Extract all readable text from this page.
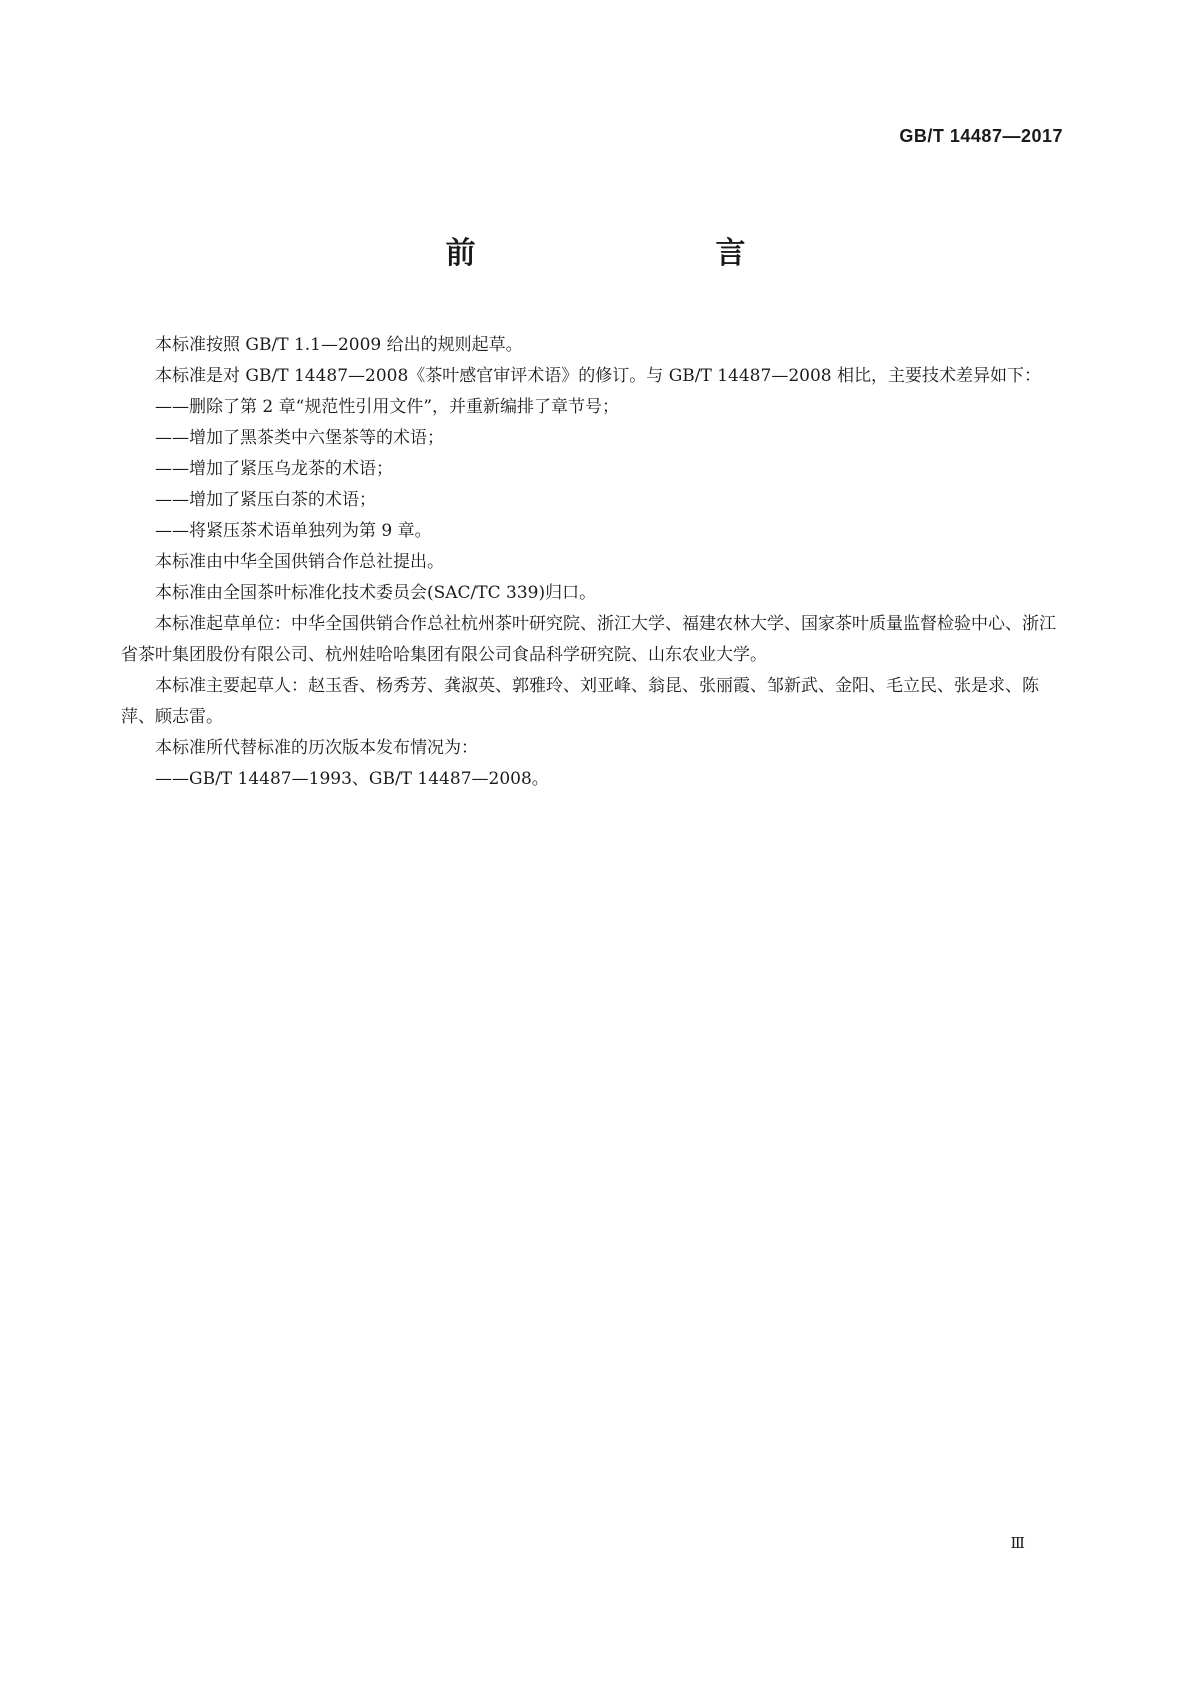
GB/T 14487—2017
前　　言

本标准按照 GB/T 1.1—2009 给出的规则起草。

本标准是对 GB/T 14487—2008《茶叶感官审评术语》的修订。与 GB/T 14487—2008 相比，主要技术差异如下：

——删除了第 2 章“规范性引用文件”，并重新编排了章节号；

——增加了黑茶类中六堡茶等的术语；

——增加了紧压乌龙茶的术语；

——增加了紧压白茶的术语；

——将紧压茶术语单独列为第 9 章。

本标准由中华全国供销合作总社提出。

本标准由全国茶叶标准化技术委员会(SAC/TC 339)归口。

本标准起草单位：中华全国供销合作总社杭州茶叶研究院、浙江大学、福建农林大学、国家茶叶质量监督检验中心、浙江省茶叶集团股份有限公司、杭州娃哈哈集团有限公司食品科学研究院、山东农业大学。

本标准主要起草人：赵玉香、杨秀芳、龚淑英、郭雅玲、刘亚峰、翁昆、张丽霞、邹新武、金阳、毛立民、张是求、陈萍、顾志雷。

本标准所代替标准的历次版本发布情况为：

——GB/T 14487—1993、GB/T 14487—2008。

Ⅲ
